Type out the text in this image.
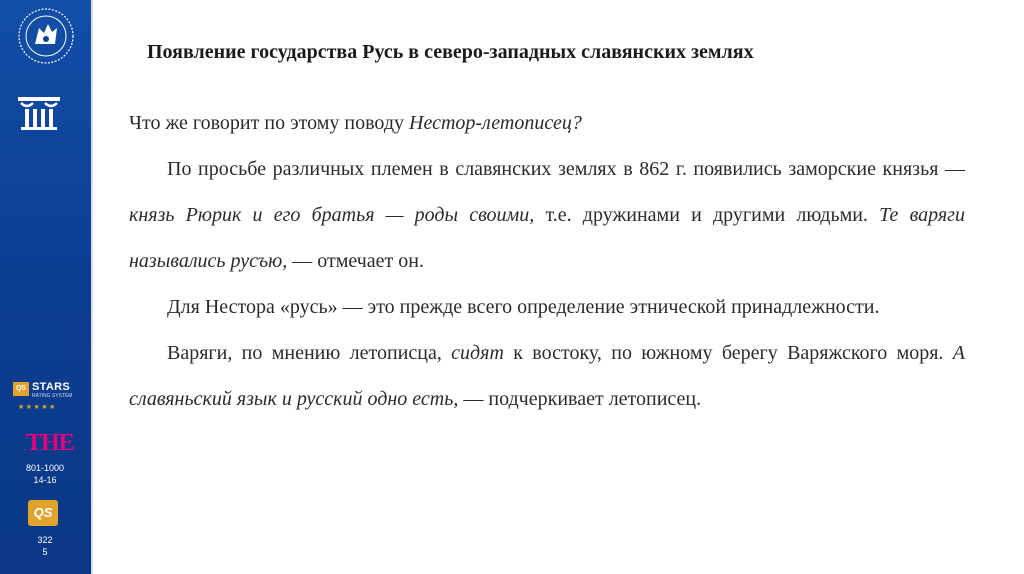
QS STARS
RATING SYSTEM
★★★★★
THE
801-1000
14-16
QS
322
5
Появление государства Русь в северо-западных славянских землях

Что же говорит по этому поводу Нестор-летописец?

По просьбе различных племен в славянских землях в 862 г. появились заморские князья — князь Рюрик и его братья — роды своими, т.е. дружинами и другими людьми. Те варяги назывались русъю, — отмечает он.

Для Нестора «русь» — это прежде всего определение этнической принадлежности.

Варяги, по мнению летописца, сидят к востоку, по южному берегу Варяжского моря. А славяньский язык и русский одно есть, — подчеркивает летописец.
